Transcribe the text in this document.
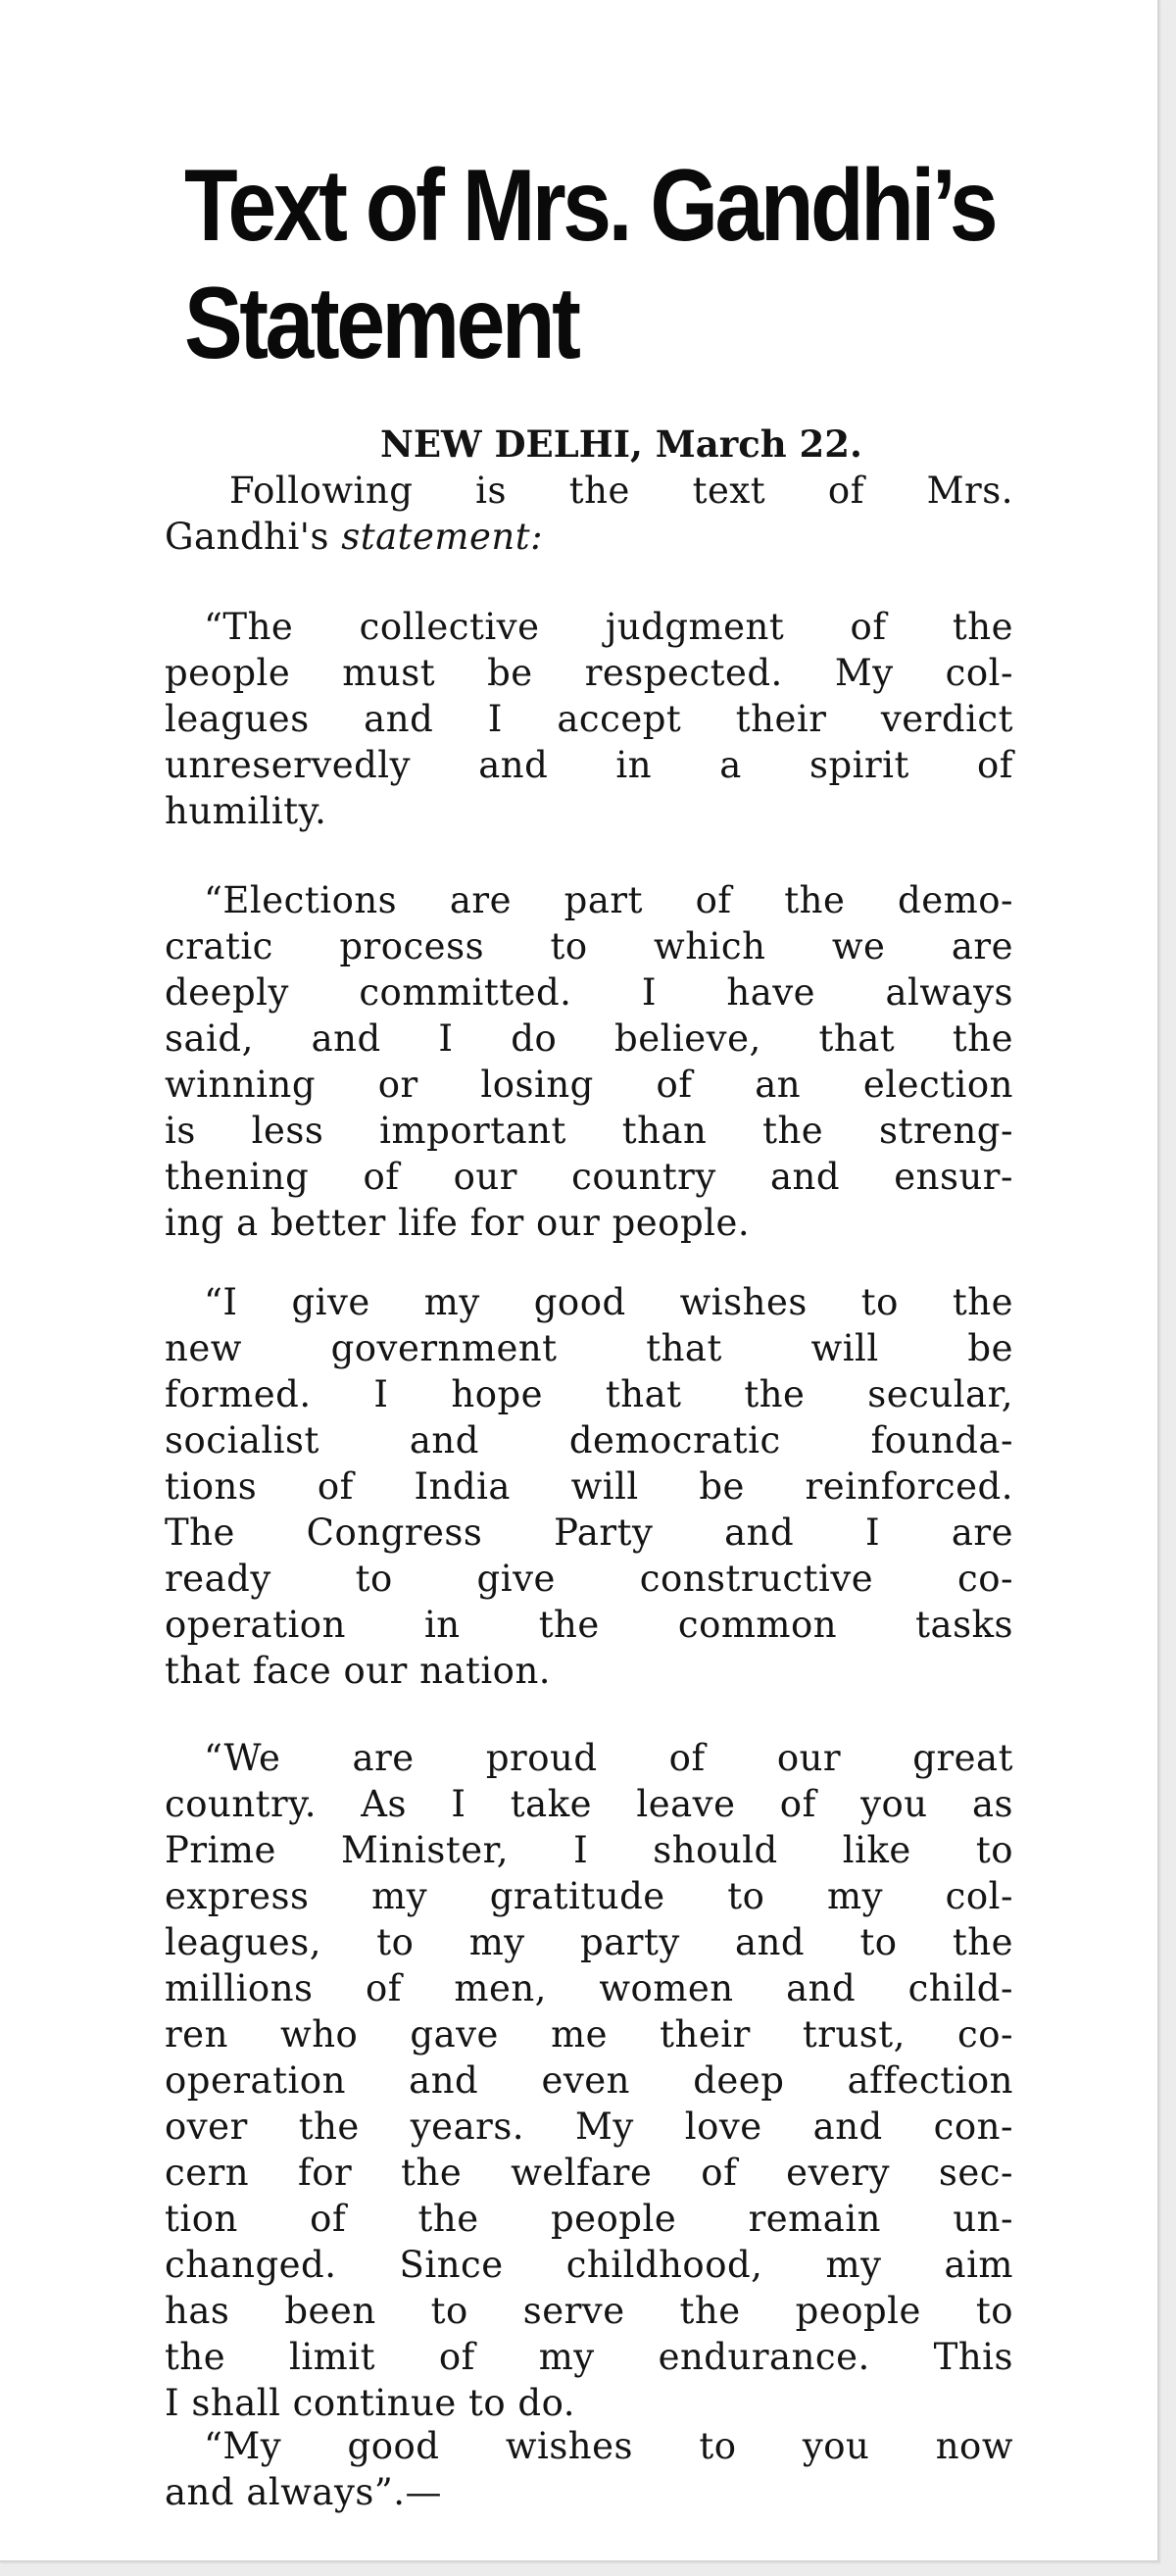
Text of Mrs. Gandhi’s
Statement
NEW DELHI, March 22.
Following is the text of Mrs.
Gandhi's statement:
“The collective judgment of the
people must be respected. My col-
leagues and I accept their verdict
unreservedly and in a spirit of
humility.
“Elections are part of the demo-
cratic process to which we are
deeply committed. I have always
said, and I do believe, that the
winning or losing of an election
is less important than the streng-
thening of our country and ensur-
ing a better life for our people.
“I give my good wishes to the
new government that will be
formed. I hope that the secular,
socialist and democratic founda-
tions of India will be reinforced.
The Congress Party and I are
ready to give constructive co-
operation in the common tasks
that face our nation.
“We are proud of our great
country. As I take leave of you as
Prime Minister, I should like to
express my gratitude to my col-
leagues, to my party and to the
millions of men, women and child-
ren who gave me their trust, co-
operation and even deep affection
over the years. My love and con-
cern for the welfare of every sec-
tion of the people remain un-
changed. Since childhood, my aim
has been to serve the people to
the limit of my endurance. This
I shall continue to do.
“My good wishes to you now
and always”.—
